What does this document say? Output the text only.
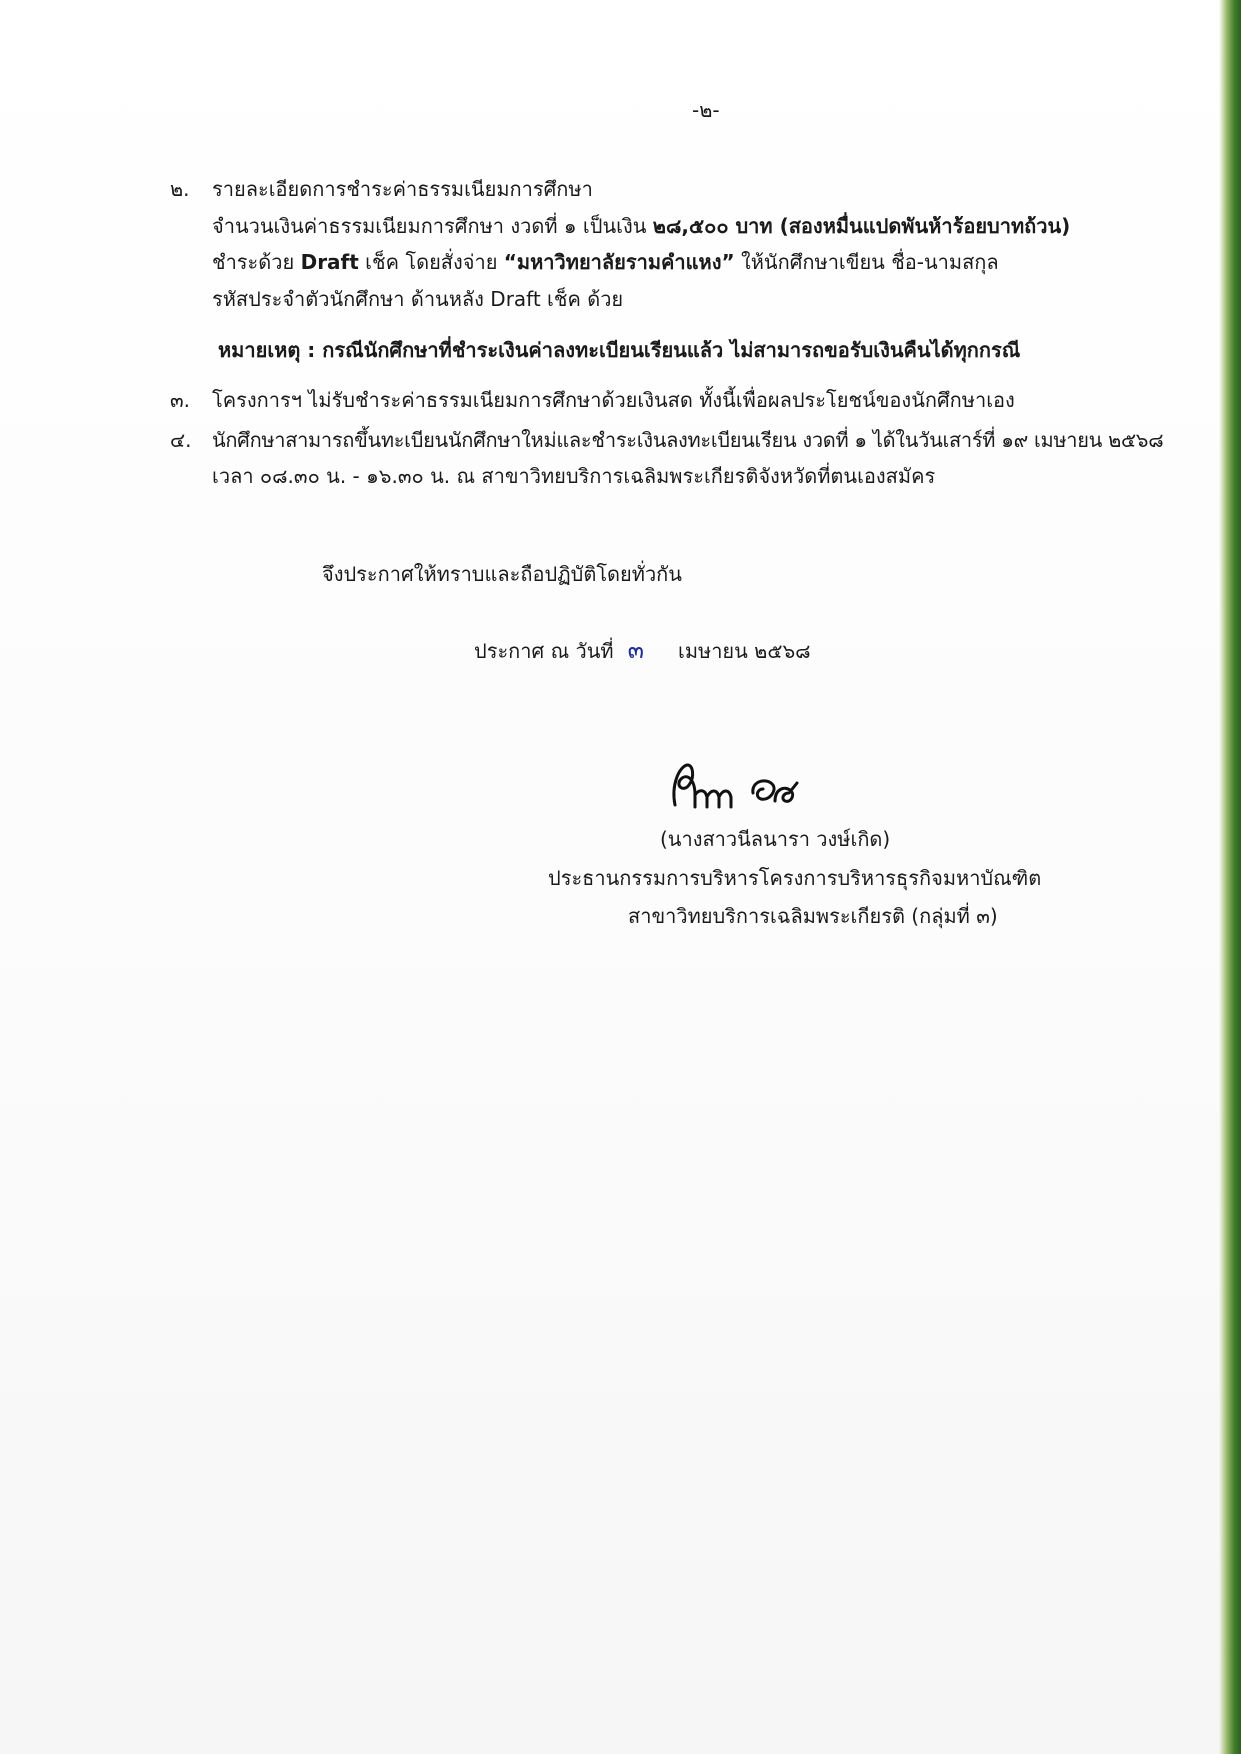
-๒-
๒. รายละเอียดการชำระค่าธรรมเนียมการศึกษา
จำนวนเงินค่าธรรมเนียมการศึกษา งวดที่ ๑ เป็นเงิน ๒๘,๕๐๐ บาท (สองหมื่นแปดพันห้าร้อยบาทถ้วน)
ชำระด้วย Draft เช็ค โดยสั่งจ่าย “มหาวิทยาลัยรามคำแหง” ให้นักศึกษาเขียน ชื่อ-นามสกุล
รหัสประจำตัวนักศึกษา ด้านหลัง Draft เช็ค ด้วย
หมายเหตุ : กรณีนักศึกษาที่ชำระเงินค่าลงทะเบียนเรียนแล้ว ไม่สามารถขอรับเงินคืนได้ทุกกรณี
๓. โครงการฯ ไม่รับชำระค่าธรรมเนียมการศึกษาด้วยเงินสด ทั้งนี้เพื่อผลประโยชน์ของนักศึกษาเอง
๔. นักศึกษาสามารถขึ้นทะเบียนนักศึกษาใหม่และชำระเงินลงทะเบียนเรียน งวดที่ ๑ ได้ในวันเสาร์ที่ ๑๙ เมษายน ๒๕๖๘
เวลา ๐๘.๓๐ น. - ๑๖.๓๐ น. ณ สาขาวิทยบริการเฉลิมพระเกียรติจังหวัดที่ตนเองสมัคร
จึงประกาศให้ทราบและถือปฏิบัติโดยทั่วกัน
ประกาศ ณ วันที่ ๓ เมษายน ๒๕๖๘
(นางสาวนีลนารา วงษ์เกิด)
ประธานกรรมการบริหารโครงการบริหารธุรกิจมหาบัณฑิต
สาขาวิทยบริการเฉลิมพระเกียรติ (กลุ่มที่ ๓)
